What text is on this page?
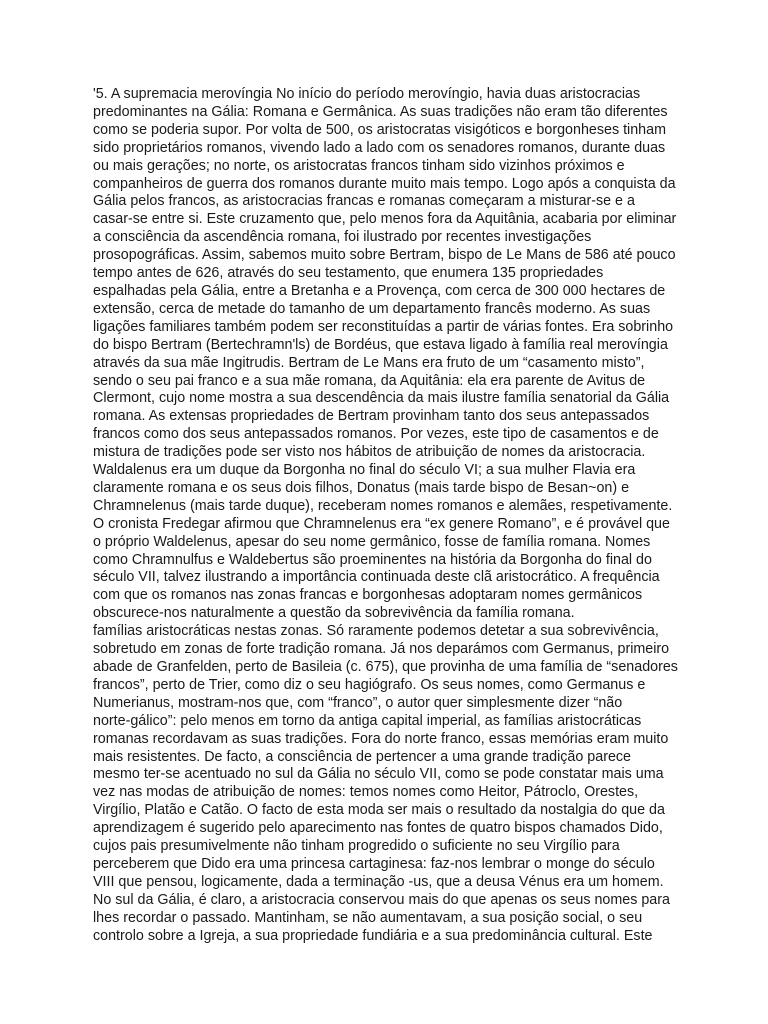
'5. A supremacia merovíngia No início do período merovíngio, havia duas aristocracias
predominantes na Gália: Romana e Germânica. As suas tradições não eram tão diferentes
como se poderia supor. Por volta de 500, os aristocratas visigóticos e borgonheses tinham
sido proprietários romanos, vivendo lado a lado com os senadores romanos, durante duas
ou mais gerações; no norte, os aristocratas francos tinham sido vizinhos próximos e
companheiros de guerra dos romanos durante muito mais tempo. Logo após a conquista da
Gália pelos francos, as aristocracias francas e romanas começaram a misturar-se e a
casar-se entre si. Este cruzamento que, pelo menos fora da Aquitânia, acabaria por eliminar
a consciência da ascendência romana, foi ilustrado por recentes investigações
prosopográficas. Assim, sabemos muito sobre Bertram, bispo de Le Mans de 586 até pouco
tempo antes de 626, através do seu testamento, que enumera 135 propriedades
espalhadas pela Gália, entre a Bretanha e a Provença, com cerca de 300 000 hectares de
extensão, cerca de metade do tamanho de um departamento francês moderno. As suas
ligações familiares também podem ser reconstituídas a partir de várias fontes. Era sobrinho
do bispo Bertram (Bertechramn'ls) de Bordéus, que estava ligado à família real merovíngia
através da sua mãe Ingitrudis. Bertram de Le Mans era fruto de um “casamento misto”,
sendo o seu pai franco e a sua mãe romana, da Aquitânia: ela era parente de Avitus de
Clermont, cujo nome mostra a sua descendência da mais ilustre família senatorial da Gália
romana. As extensas propriedades de Bertram provinham tanto dos seus antepassados
francos como dos seus antepassados romanos. Por vezes, este tipo de casamentos e de
mistura de tradições pode ser visto nos hábitos de atribuição de nomes da aristocracia.
Waldalenus era um duque da Borgonha no final do século VI; a sua mulher Flavia era
claramente romana e os seus dois filhos, Donatus (mais tarde bispo de Besan~on) e
Chramnelenus (mais tarde duque), receberam nomes romanos e alemães, respetivamente.
O cronista Fredegar afirmou que Chramnelenus era “ex genere Romano”, e é provável que
o próprio Waldelenus, apesar do seu nome germânico, fosse de família romana. Nomes
como Chramnulfus e Waldebertus são proeminentes na história da Borgonha do final do
século VII, talvez ilustrando a importância continuada deste clã aristocrático. A frequência
com que os romanos nas zonas francas e borgonhesas adoptaram nomes germânicos
obscurece-nos naturalmente a questão da sobrevivência da família romana.
famílias aristocráticas nestas zonas. Só raramente podemos detetar a sua sobrevivência,
sobretudo em zonas de forte tradição romana. Já nos deparámos com Germanus, primeiro
abade de Granfelden, perto de Basileia (c. 675), que provinha de uma família de “senadores
francos”, perto de Trier, como diz o seu hagiógrafo. Os seus nomes, como Germanus e
Numerianus, mostram-nos que, com “franco”, o autor quer simplesmente dizer “não
norte-gálico”: pelo menos em torno da antiga capital imperial, as famílias aristocráticas
romanas recordavam as suas tradições. Fora do norte franco, essas memórias eram muito
mais resistentes. De facto, a consciência de pertencer a uma grande tradição parece
mesmo ter-se acentuado no sul da Gália no século VII, como se pode constatar mais uma
vez nas modas de atribuição de nomes: temos nomes como Heitor, Pátroclo, Orestes,
Virgílio, Platão e Catão. O facto de esta moda ser mais o resultado da nostalgia do que da
aprendizagem é sugerido pelo aparecimento nas fontes de quatro bispos chamados Dido,
cujos pais presumivelmente não tinham progredido o suficiente no seu Virgílio para
perceberem que Dido era uma princesa cartaginesa: faz-nos lembrar o monge do século
VIII que pensou, logicamente, dada a terminação -us, que a deusa Vénus era um homem.
No sul da Gália, é claro, a aristocracia conservou mais do que apenas os seus nomes para
lhes recordar o passado. Mantinham, se não aumentavam, a sua posição social, o seu
controlo sobre a Igreja, a sua propriedade fundiária e a sua predominância cultural. Este
